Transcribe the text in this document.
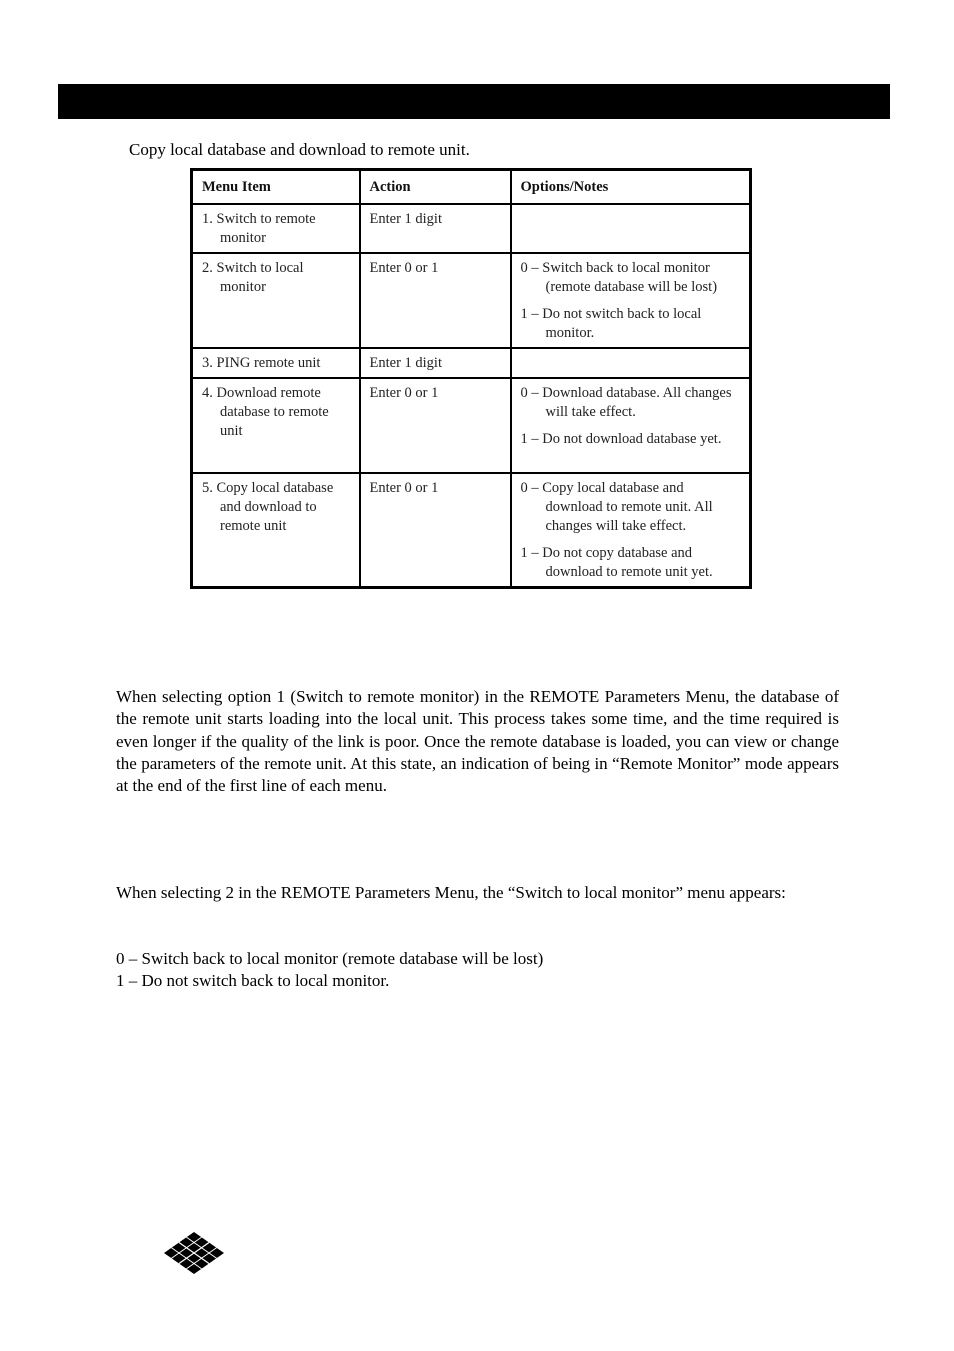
Copy local database and download to remote unit.

Menu Item	Action	Options/Notes

1. Switch to remote monitor	Enter 1 digit	

2. Switch to local monitor	Enter 0 or 1	0 – Switch back to local monitor (remote database will be lost)
1 – Do not switch back to local monitor.

3. PING remote unit	Enter 1 digit	

4. Download remote database to remote unit	Enter 0 or 1	0 – Download database. All changes will take effect.
1 – Do not download database yet.

5. Copy local database and download to remote unit	Enter 0 or 1	0 – Copy local database and download to remote unit. All changes will take effect.
1 – Do not copy database and download to remote unit yet.

When selecting option 1 (Switch to remote monitor) in the REMOTE Parameters Menu, the database of the remote unit starts loading into the local unit. This process takes some time, and the time required is even longer if the quality of the link is poor. Once the remote database is loaded, you can view or change the parameters of the remote unit. At this state, an indication of being in “Remote Monitor” mode appears at the end of the first line of each menu.

When selecting 2 in the REMOTE Parameters Menu, the “Switch to local monitor” menu appears:

0 – Switch back to local monitor (remote database will be lost)

1 – Do not switch back to local monitor.
